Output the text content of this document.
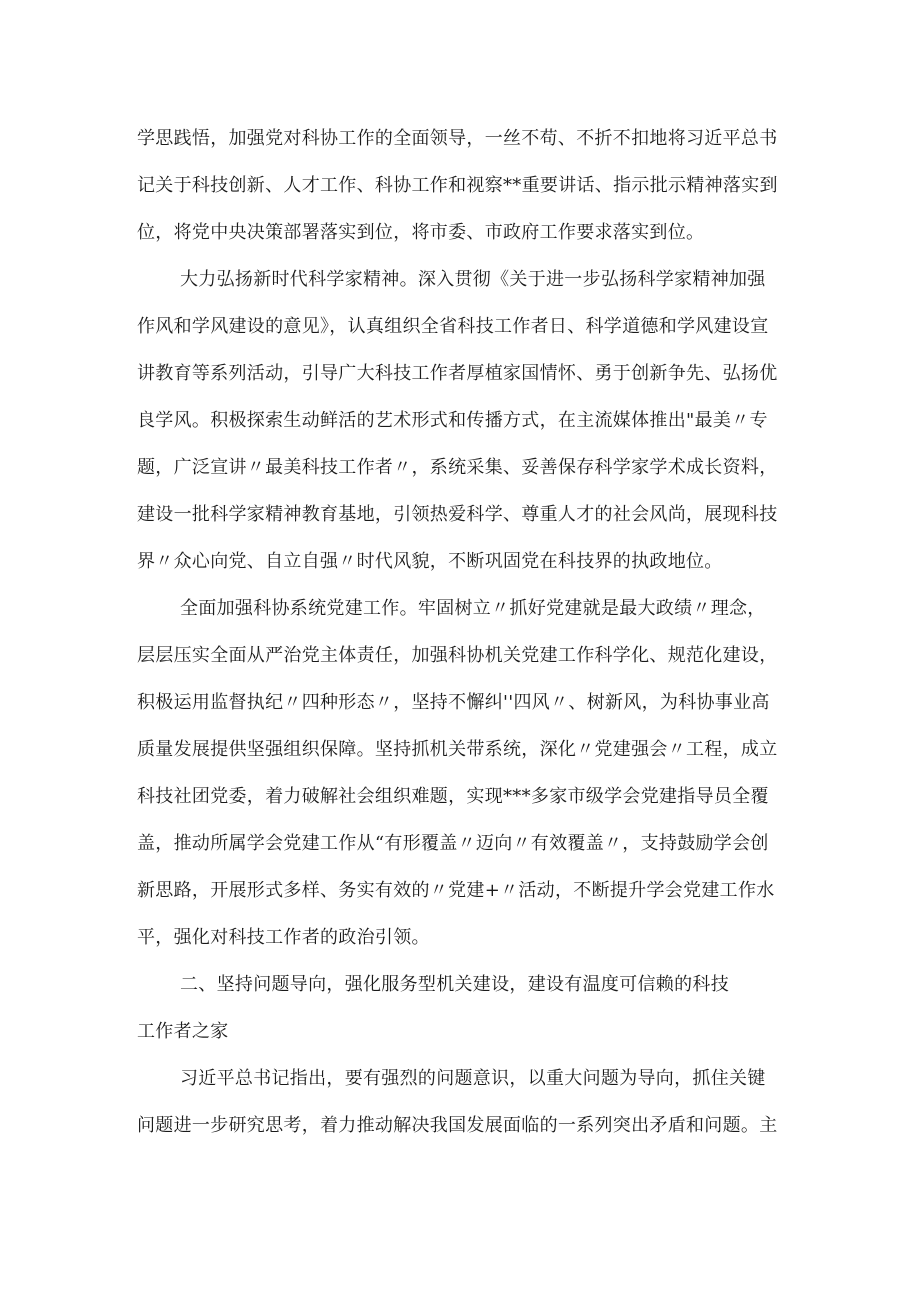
学思践悟，加强党对科协工作的全面领导，一丝不苟、不折不扣地将习近平总书
记关于科技创新、人才工作、科协工作和视察**重要讲话、指示批示精神落实到
位，将党中央决策部署落实到位，将市委、市政府工作要求落实到位。
大力弘扬新时代科学家精神。深入贯彻《关于进一步弘扬科学家精神加强
作风和学风建设的意见》，认真组织全省科技工作者日、科学道德和学风建设宣
讲教育等系列活动，引导广大科技工作者厚植家国情怀、勇于创新争先、弘扬优
良学风。积极探索生动鲜活的艺术形式和传播方式，在主流媒体推出"最美〃专
题，广泛宣讲〃最美科技工作者〃，系统采集、妥善保存科学家学术成长资料，
建设一批科学家精神教育基地，引领热爱科学、尊重人才的社会风尚，展现科技
界〃众心向党、自立自强〃时代风貌，不断巩固党在科技界的执政地位。
全面加强科协系统党建工作。牢固树立〃抓好党建就是最大政绩〃理念，
层层压实全面从严治党主体责任，加强科协机关党建工作科学化、规范化建设，
积极运用监督执纪〃四种形态〃，坚持不懈纠''四风〃、树新风，为科协事业高
质量发展提供坚强组织保障。坚持抓机关带系统，深化〃党建强会〃工程，成立
科技社团党委，着力破解社会组织难题，实现***多家市级学会党建指导员全覆
盖，推动所属学会党建工作从“有形覆盖〃迈向〃有效覆盖〃，支持鼓励学会创
新思路，开展形式多样、务实有效的〃党建+〃活动，不断提升学会党建工作水
平，强化对科技工作者的政治引领。
二、坚持问题导向，强化服务型机关建设，建设有温度可信赖的科技
工作者之家
习近平总书记指出，要有强烈的问题意识，以重大问题为导向，抓住关键
问题进一步研究思考，着力推动解决我国发展面临的一系列突出矛盾和问题。主
